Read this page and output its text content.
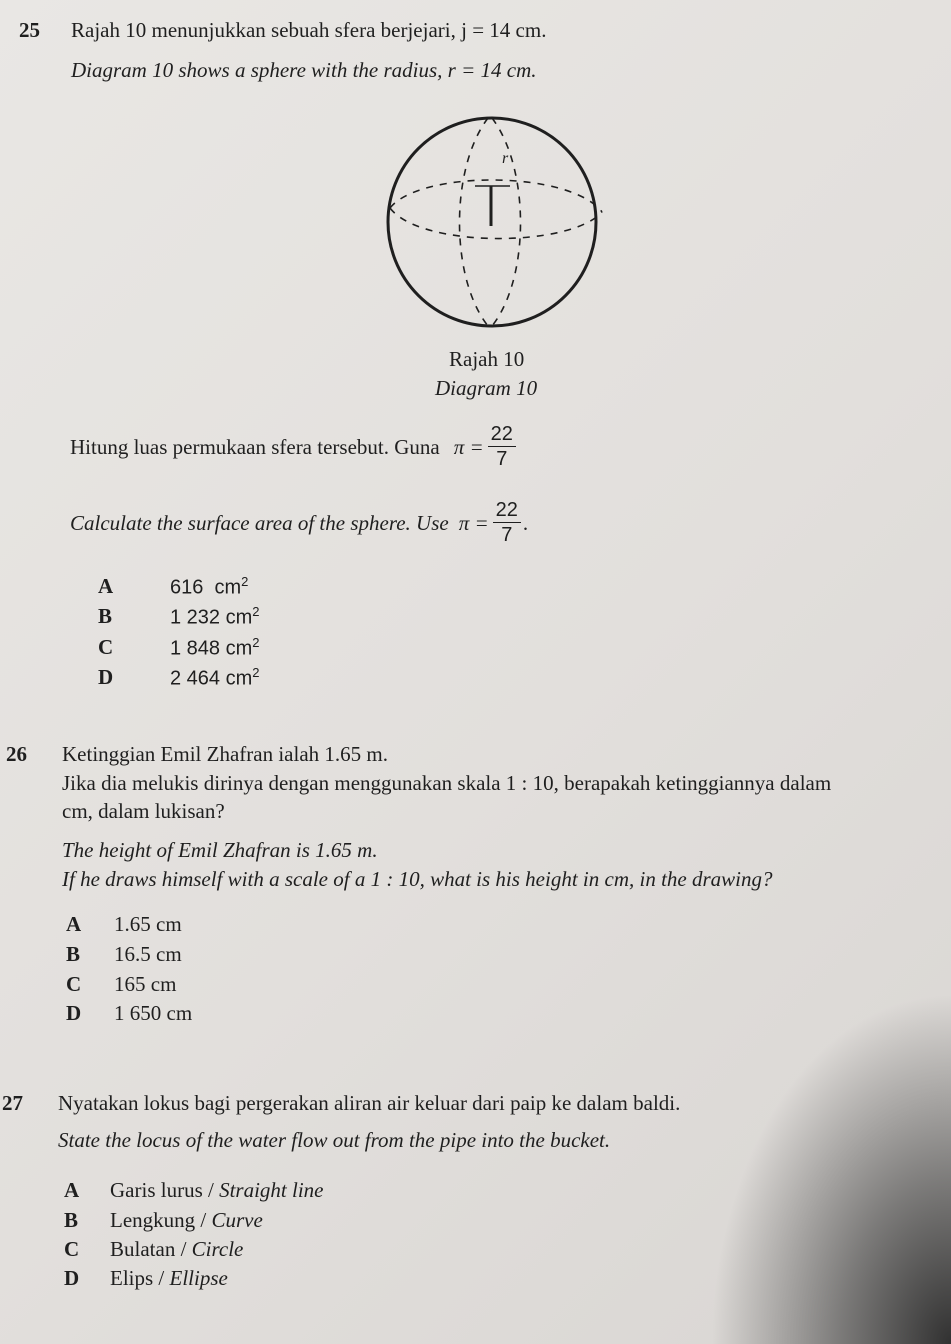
25 Rajah 10 menunjukkan sebuah sfera berjejari, j = 14 cm.
Diagram 10 shows a sphere with the radius, r = 14 cm.
r
Rajah 10
Diagram 10
Hitung luas permukaan sfera tersebut. Guna $\pi = \frac{22}{7}$
Calculate the surface area of the sphere. Use $\pi = \frac{22}{7}$ .
A	616 $cm^2$
B	1 232 $cm^2$
C	1 848 $cm^2$
D	2 464 $cm^2$
26 Ketinggian Emil Zhafran ialah 1.65 m.
Jika dia melukis dirinya dengan menggunakan skala 1 : 10, berapakah ketinggiannya dalam
cm, dalam lukisan?
The height of Emil Zhafran is 1.65 m.
If he draws himself with a scale of a 1 : 10, what is his height in cm, in the drawing?
A 1.65 cm
B 16.5 cm
C 165 cm
D 1 650 cm
27 Nyatakan lokus bagi pergerakan aliran air keluar dari paip ke dalam baldi.
State the locus of the water flow out from the pipe into the bucket.
A Garis lurus / Straight line
B Lengkung / Curve
C Bulatan / Circle
D Elips / Ellipse
